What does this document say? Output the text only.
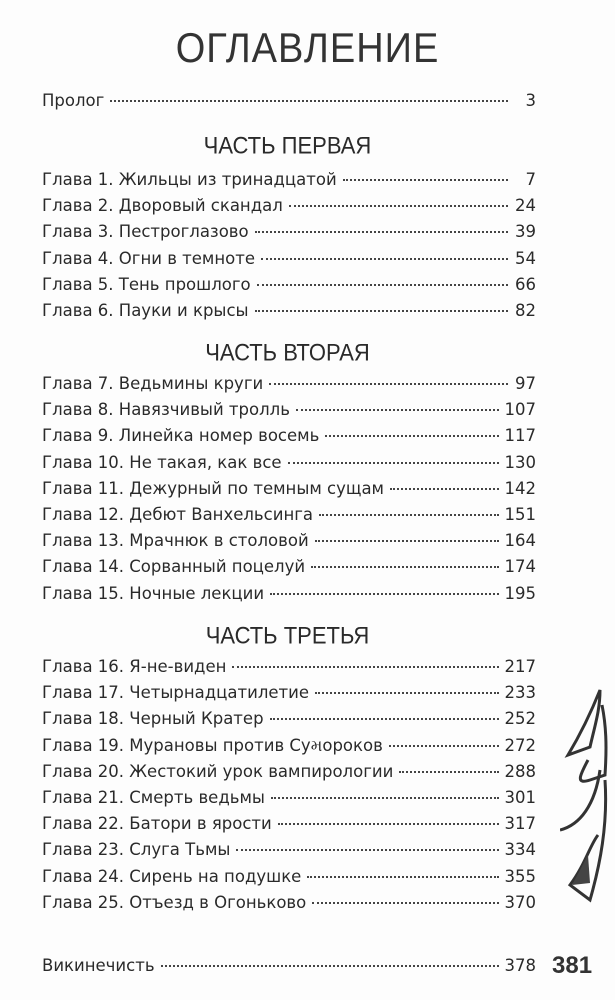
ОГЛАВЛЕНИЕ
Пролог	3
ЧАСТЬ ПЕРВАЯ
Глава 1. Жильцы из тринадцатой	7
Глава 2. Дворовый скандал	24
Глава 3. Пестроглазово	39
Глава 4. Огни в темноте	54
Глава 5. Тень прошлого	66
Глава 6. Пауки и крысы	82
ЧАСТЬ ВТОРАЯ
Глава 7. Ведьмины круги	97
Глава 8. Навязчивый тролль	107
Глава 9. Линейка номер восемь	117
Глава 10. Не такая, как все	130
Глава 11. Дежурный по темным сущам	142
Глава 12. Дебют Ванхельсинга	151
Глава 13. Мрачнюк в столовой	164
Глава 14. Сорванный поцелуй	174
Глава 15. Ночные лекции	195
ЧАСТЬ ТРЕТЬЯ
Глава 16. Я-не-виден	217
Глава 17. Четырнадцатилетие	233
Глава 18. Черный Кратер	252
Глава 19. Мурановы против Суમороков	272
Глава 20. Жестокий урок вампирологии	288
Глава 21. Смерть ведьмы	301
Глава 22. Батори в ярости	317
Глава 23. Слуга Тьмы	334
Глава 24. Сирень на подушке	355
Глава 25. Отъезд в Огоньково	370
Викинечисть	378 381
